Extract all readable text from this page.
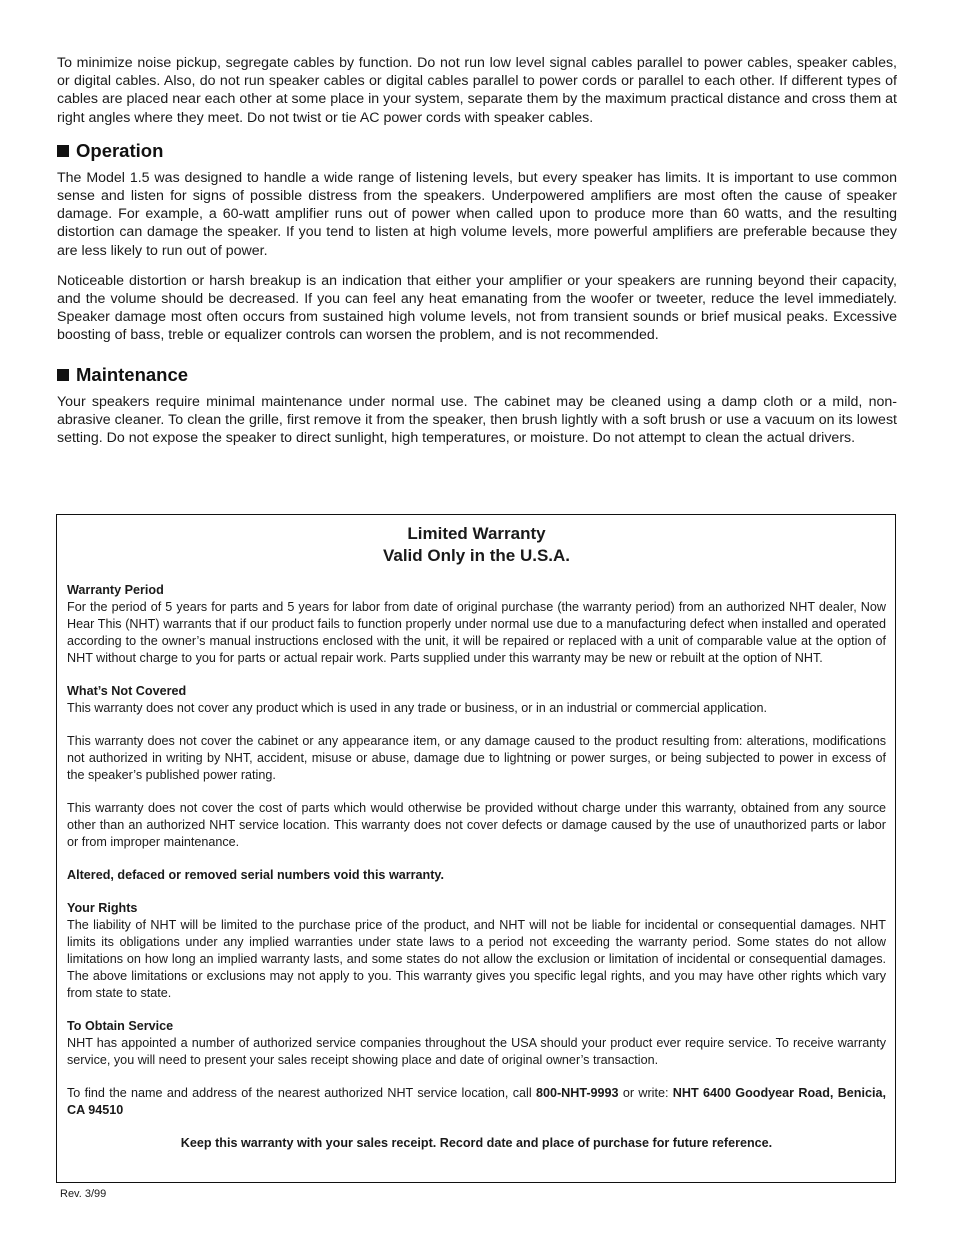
To minimize noise pickup, segregate cables by function. Do not run low level signal cables parallel to power cables, speaker cables, or digital cables. Also, do not run speaker cables or digital cables parallel to power cords or parallel to each other. If different types of cables are placed near each other at some place in your system, separate them by the maximum practical distance and cross them at right angles where they meet. Do not twist or tie AC power cords with speaker cables.

Operation

The Model 1.5 was designed to handle a wide range of listening levels, but every speaker has limits. It is important to use common sense and listen for signs of possible distress from the speakers. Underpowered amplifiers are most often the cause of speaker damage. For example, a 60-watt amplifier runs out of power when called upon to produce more than 60 watts, and the resulting distortion can damage the speaker. If you tend to listen at high volume levels, more powerful amplifiers are preferable because they are less likely to run out of power.

Noticeable distortion or harsh breakup is an indication that either your amplifier or your speakers are running beyond their capacity, and the volume should be decreased. If you can feel any heat emanating from the woofer or tweeter, reduce the level immediately. Speaker damage most often occurs from sustained high volume levels, not from transient sounds or brief musical peaks. Excessive boosting of bass, treble or equalizer controls can worsen the problem, and is not recommended.

Maintenance

Your speakers require minimal maintenance under normal use. The cabinet may be cleaned using a damp cloth or a mild, non-abrasive cleaner. To clean the grille, first remove it from the speaker, then brush lightly with a soft brush or use a vacuum on its lowest setting. Do not expose the speaker to direct sunlight, high temperatures, or moisture. Do not attempt to clean the actual drivers.

Limited Warranty
Valid Only in the U.S.A.

Warranty Period

For the period of 5 years for parts and 5 years for labor from date of original purchase (the warranty period) from an authorized NHT dealer, Now Hear This (NHT) warrants that if our product fails to function properly under normal use due to a manufacturing defect when installed and operated according to the owner’s manual instructions enclosed with the unit, it will be repaired or replaced with a unit of comparable value at the option of NHT without charge to you for parts or actual repair work. Parts supplied under this warranty may be new or rebuilt at the option of NHT.

What’s Not Covered

This warranty does not cover any product which is used in any trade or business, or in an industrial or commercial application.

This warranty does not cover the cabinet or any appearance item, or any damage caused to the product resulting from: alterations, modifications not authorized in writing by NHT, accident, misuse or abuse, damage due to lightning or power surges, or being subjected to power in excess of the speaker’s published power rating.

This warranty does not cover the cost of parts which would otherwise be provided without charge under this warranty, obtained from any source other than an authorized NHT service location. This warranty does not cover defects or damage caused by the use of unauthorized parts or labor or from improper maintenance.

Altered, defaced or removed serial numbers void this warranty.

Your Rights

The liability of NHT will be limited to the purchase price of the product, and NHT will not be liable for incidental or consequential damages. NHT limits its obligations under any implied warranties under state laws to a period not exceeding the warranty period. Some states do not allow limitations on how long an implied warranty lasts, and some states do not allow the exclusion or limitation of incidental or consequential damages. The above limitations or exclusions may not apply to you. This warranty gives you specific legal rights, and you may have other rights which vary from state to state.

To Obtain Service

NHT has appointed a number of authorized service companies throughout the USA should your product ever require service. To receive warranty service, you will need to present your sales receipt showing place and date of original owner’s transaction.

To find the name and address of the nearest authorized NHT service location, call 800-NHT-9993 or write: NHT 6400 Goodyear Road, Benicia, CA 94510

Keep this warranty with your sales receipt. Record date and place of purchase for future reference.

Rev. 3/99
